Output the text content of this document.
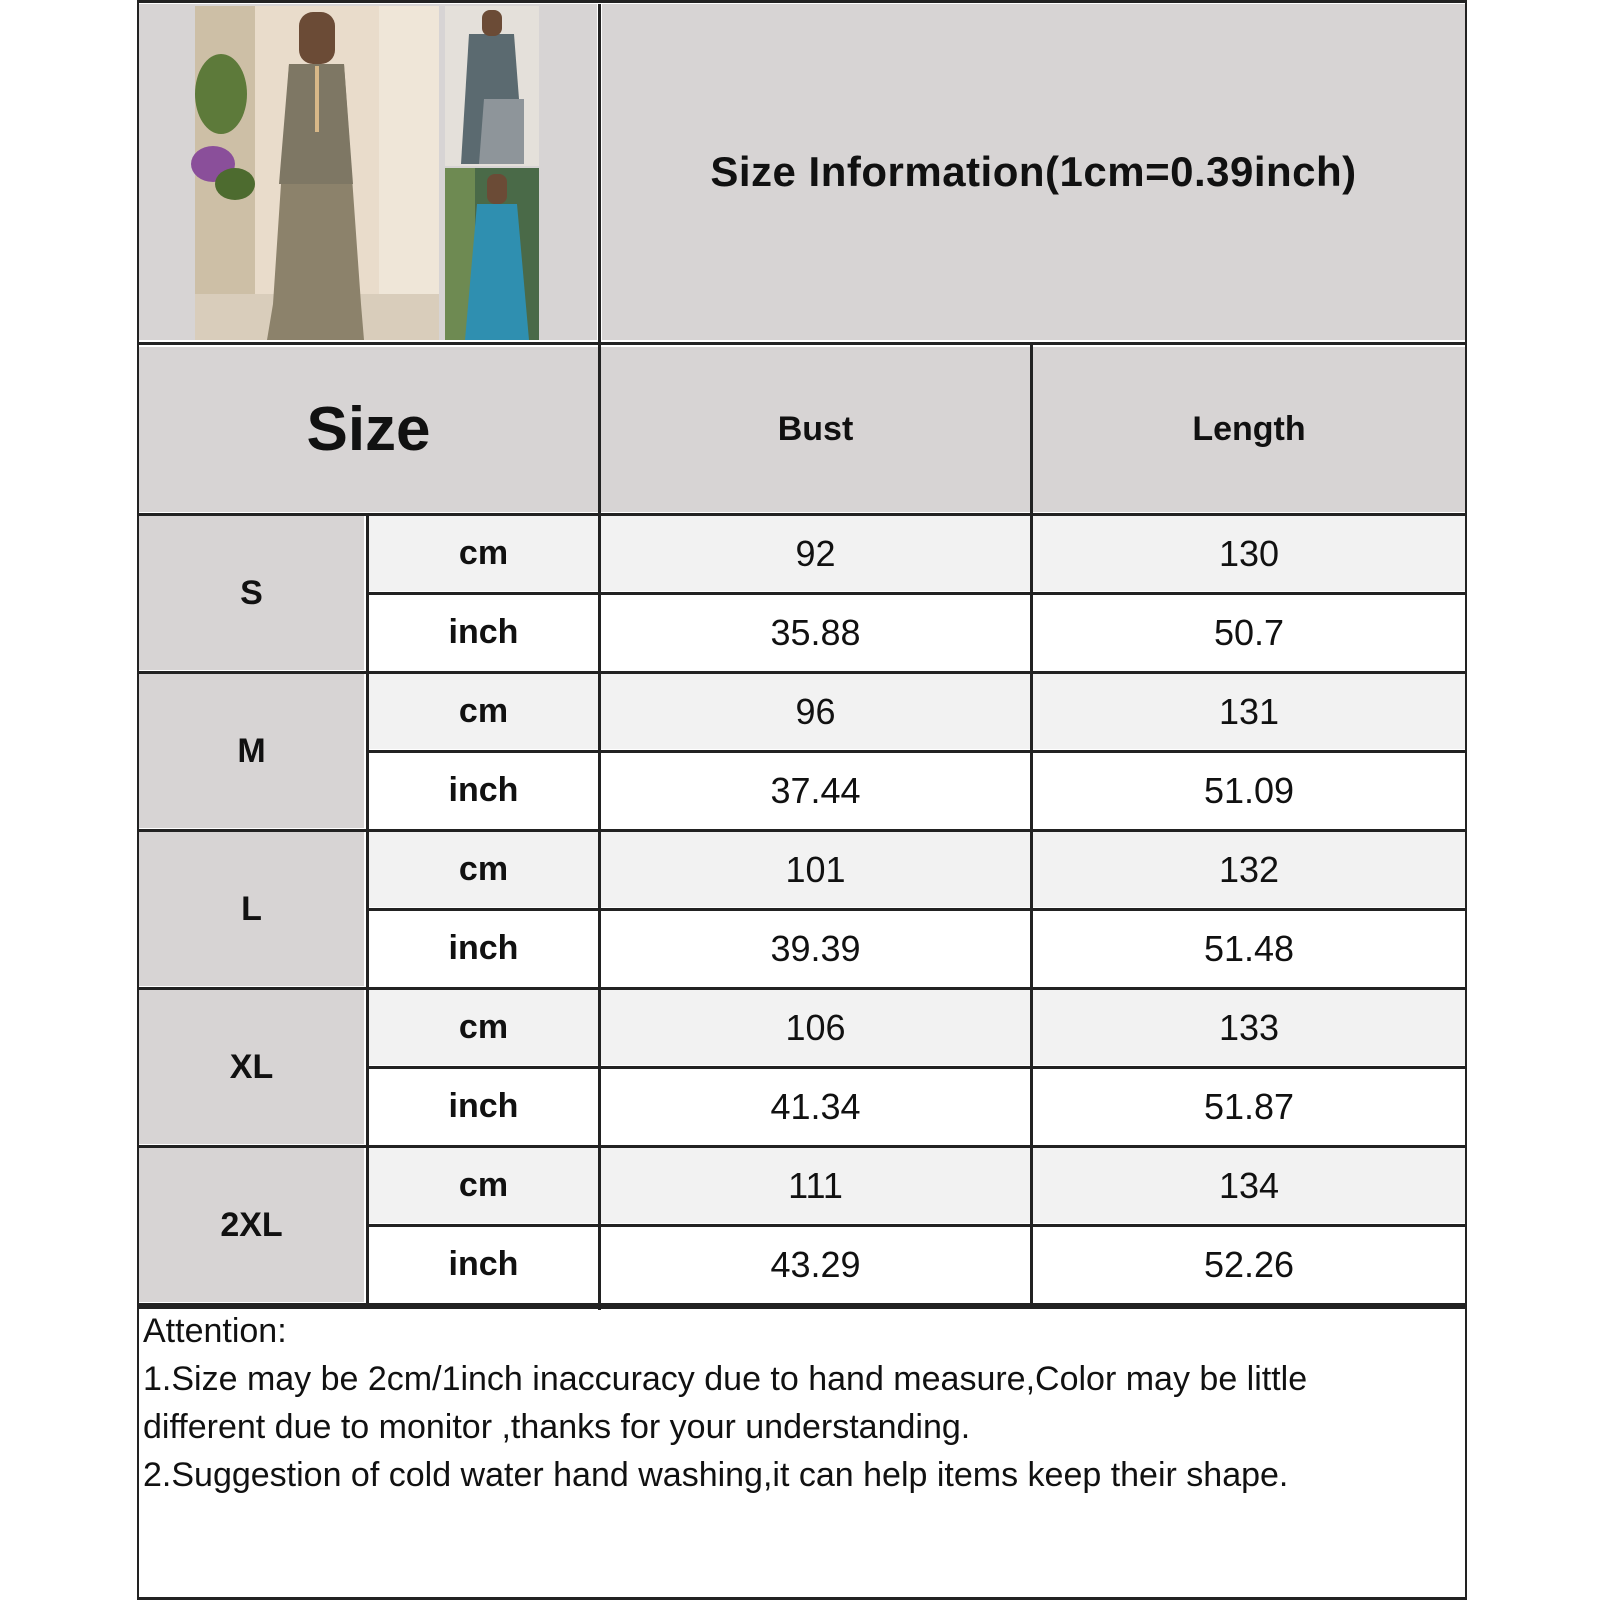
Size Information(1cm=0.39inch)
Size	Bust	Length
S
cm	92	130
inch	35.88	50.7
M
cm	96	131
inch	37.44	51.09
L
cm	101	132
inch	39.39	51.48
XL
cm	106	133
inch	41.34	51.87
2XL
cm	111	134
inch	43.29	52.26
Attention:
1.Size may be 2cm/1inch inaccuracy due to hand measure,Color may be little
different due to monitor ,thanks for your understanding.
2.Suggestion of cold water hand washing,it can help items keep their shape.
